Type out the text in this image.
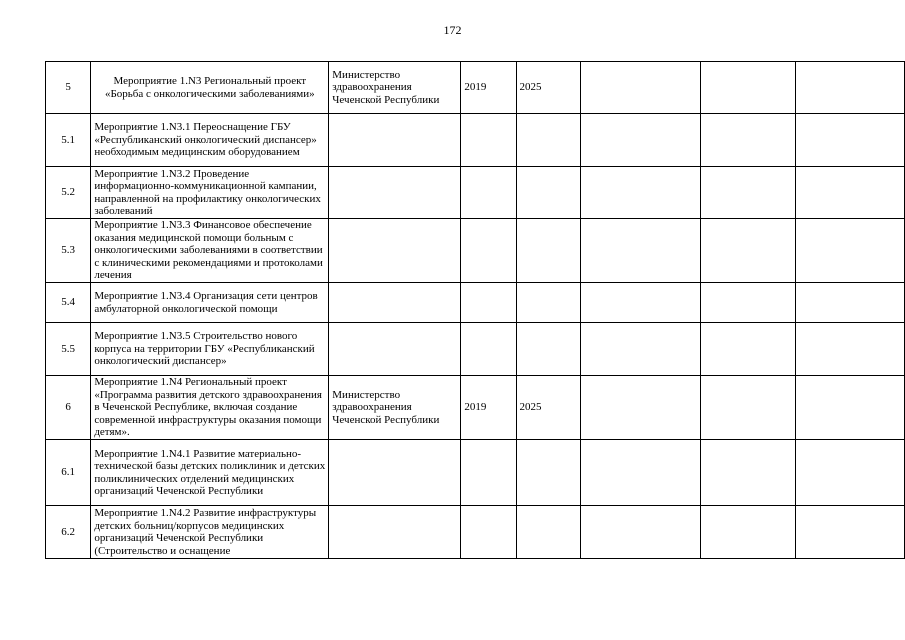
172
5	Мероприятие 1.N3 Региональный проект «Борьба с онкологическими заболеваниями»	Министерство здравоохранения Чеченской Республики	2019	2025			
5.1	Мероприятие 1.N3.1 Переоснащение ГБУ «Республиканский онкологический диспансер» необходимым медицинским оборудованием						
5.2	Мероприятие 1.N3.2 Проведение информационно-коммуникационной кампании, направленной на профилактику онкологических заболеваний						
5.3	Мероприятие 1.N3.3 Финансовое обеспечение оказания медицинской помощи больным с онкологическими заболеваниями в соответствии с клиническими рекомендациями и протоколами лечения						
5.4	Мероприятие 1.N3.4 Организация сети центров амбулаторной онкологической помощи						
5.5	Мероприятие 1.N3.5 Строительство нового корпуса на территории ГБУ «Республиканский онкологический диспансер»						
6	Мероприятие 1.N4 Региональный проект «Программа развития детского здравоохранения в Чеченской Республике, включая создание современной инфраструктуры оказания помощи детям».	Министерство здравоохранения Чеченской Республики	2019	2025			
6.1	Мероприятие 1.N4.1 Развитие материально-технической базы детских поликлиник и детских поликлинических отделений медицинских организаций Чеченской Республики						
6.2	Мероприятие 1.N4.2 Развитие инфраструктуры детских больниц/корпусов медицинских организаций Чеченской Республики (Строительство и оснащение						
